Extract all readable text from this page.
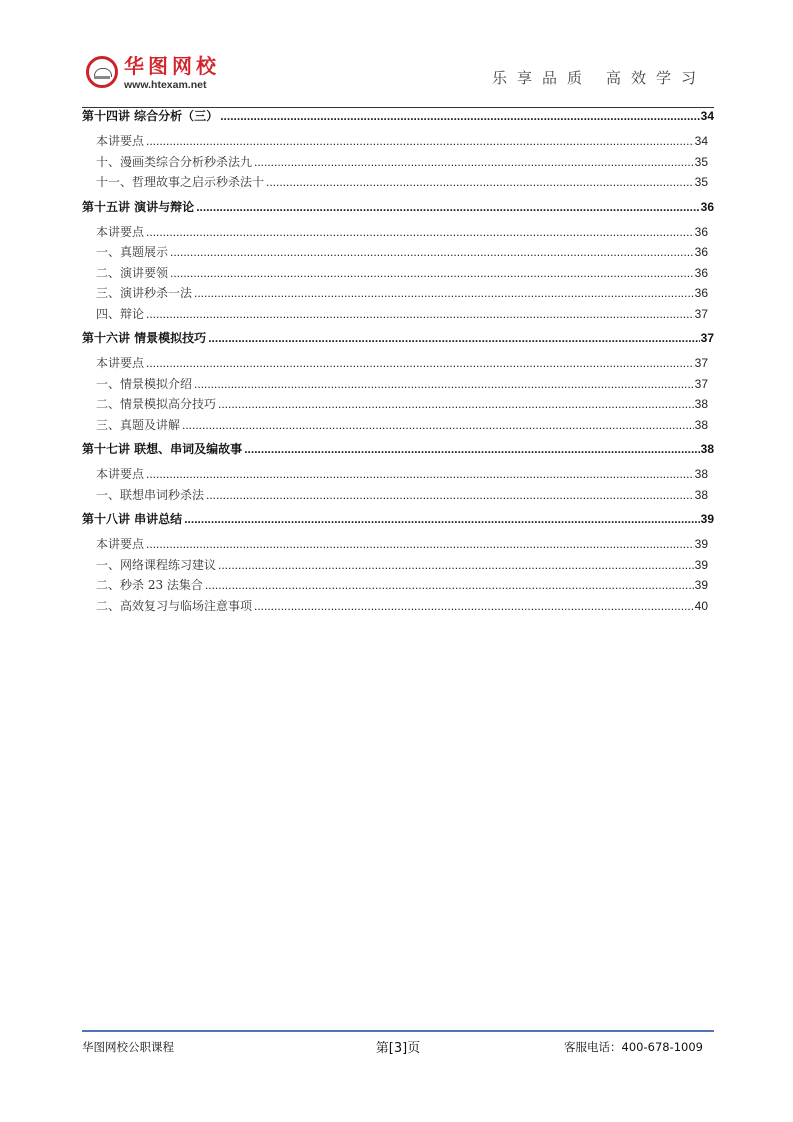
华图网校
www.htexam.net	乐享品质 高效学习
第十四讲 综合分析（三） .....	34
本讲要点 .....	34
十、漫画类综合分析秒杀法九 .....	35
十一、哲理故事之启示秒杀法十 .....	35
第十五讲 演讲与辩论 .....	36
本讲要点 .....	36
一、真题展示 .....	36
二、演讲要领 .....	36
三、演讲秒杀一法 .....	36
四、辩论 .....	37
第十六讲 情景模拟技巧 .....	37
本讲要点 .....	37
一、情景模拟介绍 .....	37
二、情景模拟高分技巧 .....	38
三、真题及讲解 .....	38
第十七讲 联想、串词及编故事 .....	38
本讲要点 .....	38
一、联想串词秒杀法 .....	38
第十八讲 串讲总结 .....	39
本讲要点 .....	39
一、网络课程练习建议 .....	39
二、秒杀 23 法集合 .....	39
二、高效复习与临场注意事项 .....	40
华图网校公职课程	第[3]页	客服电话：400-678-1009
